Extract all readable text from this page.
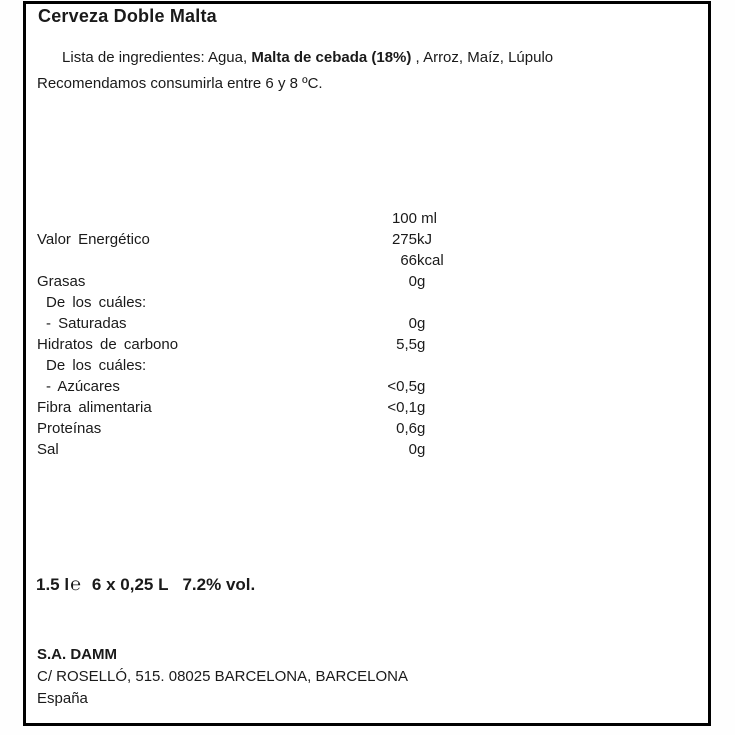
Cerveza Doble Malta

Lista de ingredientes: Agua, Malta de cebada (18%) , Arroz, Maíz, Lúpulo

Recomendamos consumirla entre 6 y 8 ºC.
100 ml
Valor Energético	275 kJ
66 kcal
Grasas	0 g
De los cuáles:
- Saturadas	0 g
Hidratos de carbono	5,5 g
De los cuáles:
- Azúcares	<0,5 g
Fibra alimentaria	<0,1 g
Proteínas	0,6 g
Sal	0 g
1.5 l℮ 6 x 0,25 L 7.2% vol.
S.A. DAMM
C/ ROSELLÓ, 515. 08025 BARCELONA, BARCELONA
España
